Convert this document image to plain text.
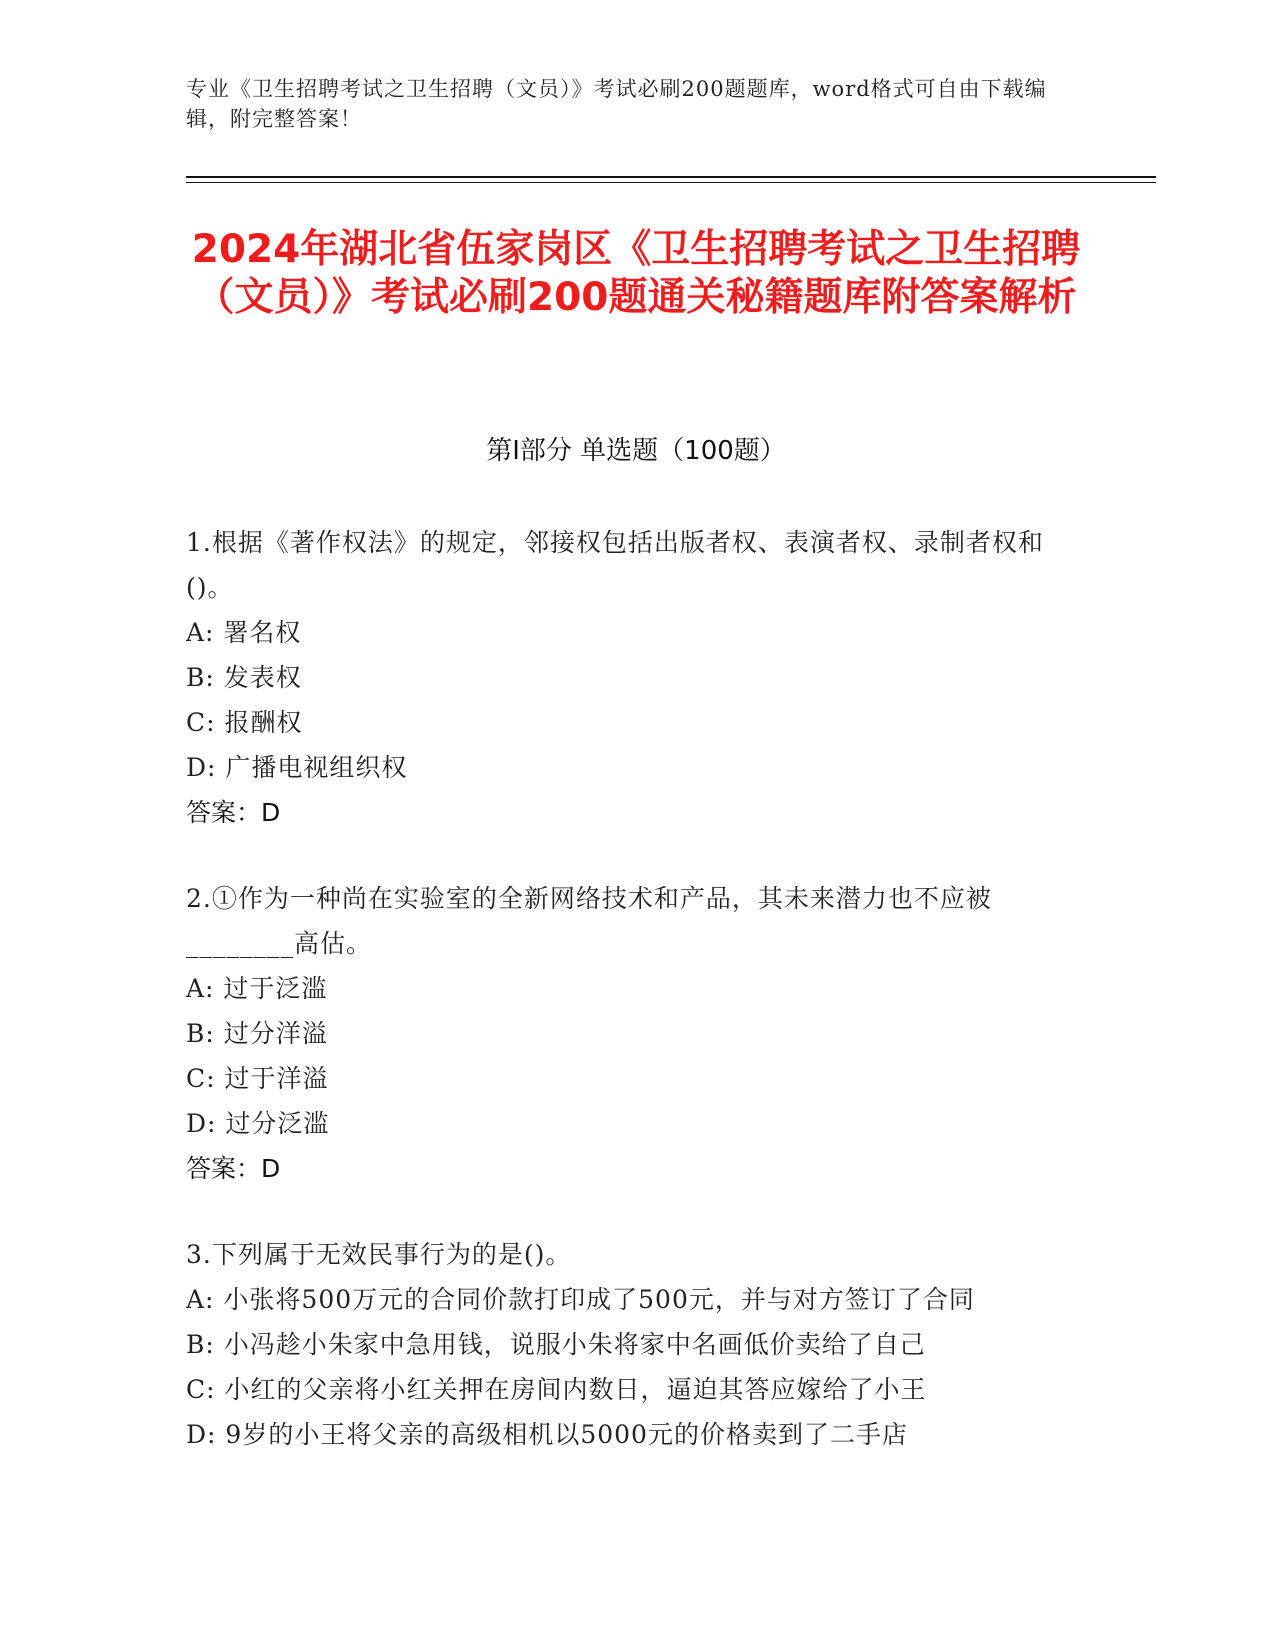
专业《卫生招聘考试之卫生招聘（文员）》考试必刷200题题库，word格式可自由下载编辑，附完整答案！
2024年湖北省伍家岗区《卫生招聘考试之卫生招聘（文员）》考试必刷200题通关秘籍题库附答案解析
第Ⅰ部分 单选题（100题）
1.根据《著作权法》的规定，邻接权包括出版者权、表演者权、录制者权和()。
A: 署名权
B: 发表权
C: 报酬权
D: 广播电视组织权
答案：D
2.①作为一种尚在实验室的全新网络技术和产品，其未来潜力也不应被________高估。
A: 过于泛滥
B: 过分洋溢
C: 过于洋溢
D: 过分泛滥
答案：D
3.下列属于无效民事行为的是()。
A: 小张将500万元的合同价款打印成了500元，并与对方签订了合同
B: 小冯趁小朱家中急用钱，说服小朱将家中名画低价卖给了自己
C: 小红的父亲将小红关押在房间内数日，逼迫其答应嫁给了小王
D: 9岁的小王将父亲的高级相机以5000元的价格卖到了二手店
